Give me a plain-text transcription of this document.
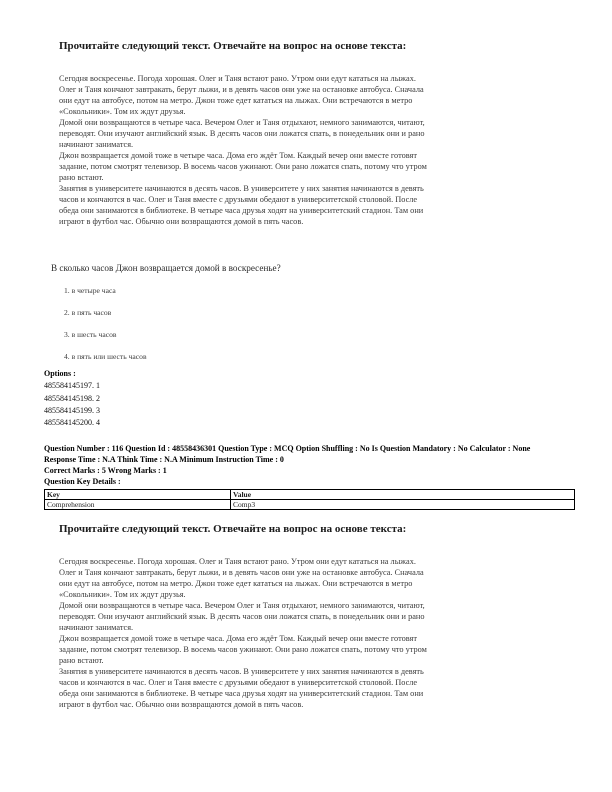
Прочитайте следующий текст. Отвечайте на вопрос на основе текста:

Сегодня воскресенье. Погода хорошая. Олег и Таня встают рано. Утром они едут кататься на лыжах.

Олег и Таня кончают завтракать, берут лыжи, и в девять часов они уже на остановке автобуса. Сначала

они едут на автобусе, потом на метро. Джон тоже едет кататься на лыжах. Они встречаются в метро

«Сокольники». Том их ждут друзья.

Домой они возвращаются в четыре часа. Вечером Олег и Таня отдыхают, немного занимаются, читают,

переводят. Они изучают английский язык. В десять часов они ложатся спать, в понедельник они и рано

начинают заниматся.

Джон возвращается домой тоже в четыре часа. Дома его ждёт Том. Каждый вечер они вместе готовят

задание, потом смотрят телевизор. В восемь часов ужинают. Они рано ложатся спать, потому что утром

рано встают.

Занятия в университете начинаются в десять часов. В университете у них занятия начинаются в девять

часов и кончаются в час. Олег и Таня вместе с друзьями обедают в университетской столовой. После

обеда они занимаются в библиотеке. В четыре часа друзья ходят на университетский стадион. Там они

играют в футбол час. Обычно они возвращаются домой в пять часов.

В сколько часов Джон возвращается домой в воскресенье?
1. в четыре часа
2. в пять часов
3. в шесть часов
4. в пять или шесть часов
Options :
485584145197. 1
485584145198. 2
485584145199. 3
485584145200. 4
Question Number : 116 Question Id : 48558436301 Question Type : MCQ Option Shuffling : No Is Question Mandatory : No Calculator : None
Response Time : N.A Think Time : N.A Minimum Instruction Time : 0
Correct Marks : 5 Wrong Marks : 1
Question Key Details :
Key	Value
Comprehension	Comp3
Прочитайте следующий текст. Отвечайте на вопрос на основе текста:

Сегодня воскресенье. Погода хорошая. Олег и Таня встают рано. Утром они едут кататься на лыжах.

Олег и Таня кончают завтракать, берут лыжи, и в девять часов они уже на остановке автобуса. Сначала

они едут на автобусе, потом на метро. Джон тоже едет кататься на лыжах. Они встречаются в метро

«Сокольники». Том их ждут друзья.

Домой они возвращаются в четыре часа. Вечером Олег и Таня отдыхают, немного занимаются, читают,

переводят. Они изучают английский язык. В десять часов они ложатся спать, в понедельник они и рано

начинают заниматся.

Джон возвращается домой тоже в четыре часа. Дома его ждёт Том. Каждый вечер они вместе готовят

задание, потом смотрят телевизор. В восемь часов ужинают. Они рано ложатся спать, потому что утром

рано встают.

Занятия в университете начинаются в десять часов. В университете у них занятия начинаются в девять

часов и кончаются в час. Олег и Таня вместе с друзьями обедают в университетской столовой. После

обеда они занимаются в библиотеке. В четыре часа друзья ходят на университетский стадион. Там они

играют в футбол час. Обычно они возвращаются домой в пять часов.
